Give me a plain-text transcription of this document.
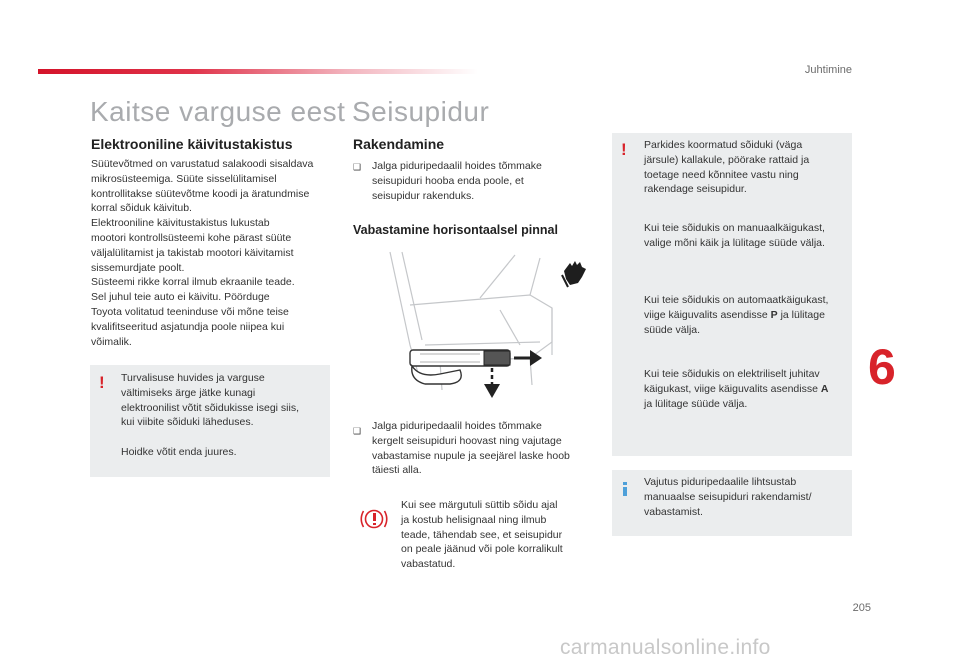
Juhtimine
Kaitse varguse eest
Elektrooniline käivitustakistus
Süütevõtmed on varustatud salakoodi sisaldava
mikrosüsteemiga. Süüte sisselülitamisel
kontrollitakse süütevõtme koodi ja äratundmise
korral sõiduk käivitub.
Elektrooniline käivitustakistus lukustab
mootori kontrollsüsteemi kohe pärast süüte
väljalülitamist ja takistab mootori käivitamist
sissemurdjate poolt.
Süsteemi rikke korral ilmub ekraanile teade.
Sel juhul teie auto ei käivitu. Pöörduge
Toyota volitatud teeninduse või mõne teise
kvalifitseeritud asjatundja poole niipea kui
võimalik.
! Turvalisuse huvides ja varguse
vältimiseks ärge jätke kunagi
elektroonilist võtit sõidukisse isegi siis,
kui viibite sõiduki läheduses.

Hoidke võtit enda juures.
Seisupidur
Rakendamine
❑ Jalga piduripedaalil hoides tõmmake
seisupiduri hooba enda poole, et
seisupidur rakenduks.
Vabastamine horisontaalsel pinnal
❑ Jalga piduripedaalil hoides tõmmake
kergelt seisupiduri hoovast ning vajutage
vabastamise nupule ja seejärel laske hoob
täiesti alla.
Kui see märgutuli süttib sõidu ajal
ja kostub helisignaal ning ilmub
teade, tähendab see, et seisupidur
on peale jäänud või pole korralikult
vabastatud.
! Parkides koormatud sõiduki (väga
järsule) kallakule, pöörake rattaid ja
toetage need kõnnitee vastu ning
rakendage seisupidur.
Kui teie sõidukis on manuaalkäigukast,
valige mõni käik ja lülitage süüde välja.
Kui teie sõidukis on automaatkäigukast,
viige käiguvalits asendisse P ja lülitage
süüde välja.
Kui teie sõidukis on elektriliselt juhitav
käigukast, viige käiguvalits asendisse A
ja lülitage süüde välja.
Vajutus piduripedaalile lihtsustab
manuaalse seisupiduri rakendamist/
vabastamist.
6
205
carmanualsonline.info
